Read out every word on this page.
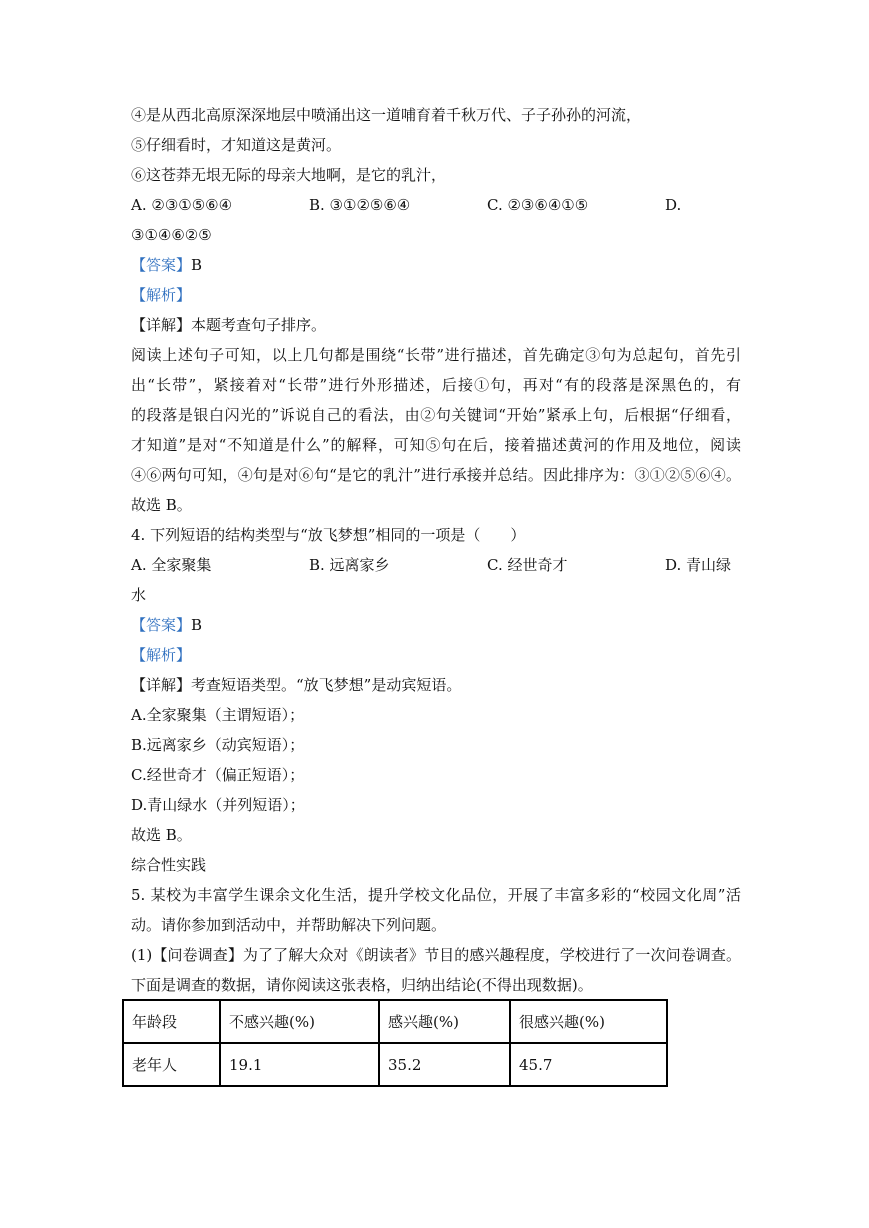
④是从西北高原深深地层中喷涌出这一道哺育着千秋万代、子子孙孙的河流，
⑤仔细看时，才知道这是黄河。
⑥这苍莽无垠无际的母亲大地啊，是它的乳汁，
A. ②③①⑤⑥④	B. ③①②⑤⑥④	C. ②③⑥④①⑤	D.
③①④⑥②⑤
【答案】B
【解析】
【详解】本题考查句子排序。
阅读上述句子可知，以上几句都是围绕“长带”进行描述，首先确定③句为总起句，首先引
出“长带”，紧接着对“长带”进行外形描述，后接①句，再对“有的段落是深黑色的，有
的段落是银白闪光的”诉说自己的看法，由②句关键词“开始”紧承上句，后根据“仔细看，
才知道”是对“不知道是什么”的解释，可知⑤句在后，接着描述黄河的作用及地位，阅读
④⑥两句可知，④句是对⑥句“是它的乳汁”进行承接并总结。因此排序为：③①②⑤⑥④。
故选 B。
4. 下列短语的结构类型与“放飞梦想”相同的一项是（　　）
A. 全家聚集	B. 远离家乡	C. 经世奇才	D. 青山绿
水
【答案】B
【解析】
【详解】考查短语类型。“放飞梦想”是动宾短语。
A.全家聚集（主谓短语）；
B.远离家乡（动宾短语）；
C.经世奇才（偏正短语）；
D.青山绿水（并列短语）；
故选 B。
综合性实践
5. 某校为丰富学生课余文化生活，提升学校文化品位，开展了丰富多彩的“校园文化周”活
动。请你参加到活动中，并帮助解决下列问题。
(1)【问卷调查】为了了解大众对《朗读者》节目的感兴趣程度，学校进行了一次问卷调查。
下面是调查的数据，请你阅读这张表格，归纳出结论(不得出现数据)。
年龄段	不感兴趣(%)	感兴趣(%)	很感兴趣(%)
老年人	19.1	35.2	45.7
